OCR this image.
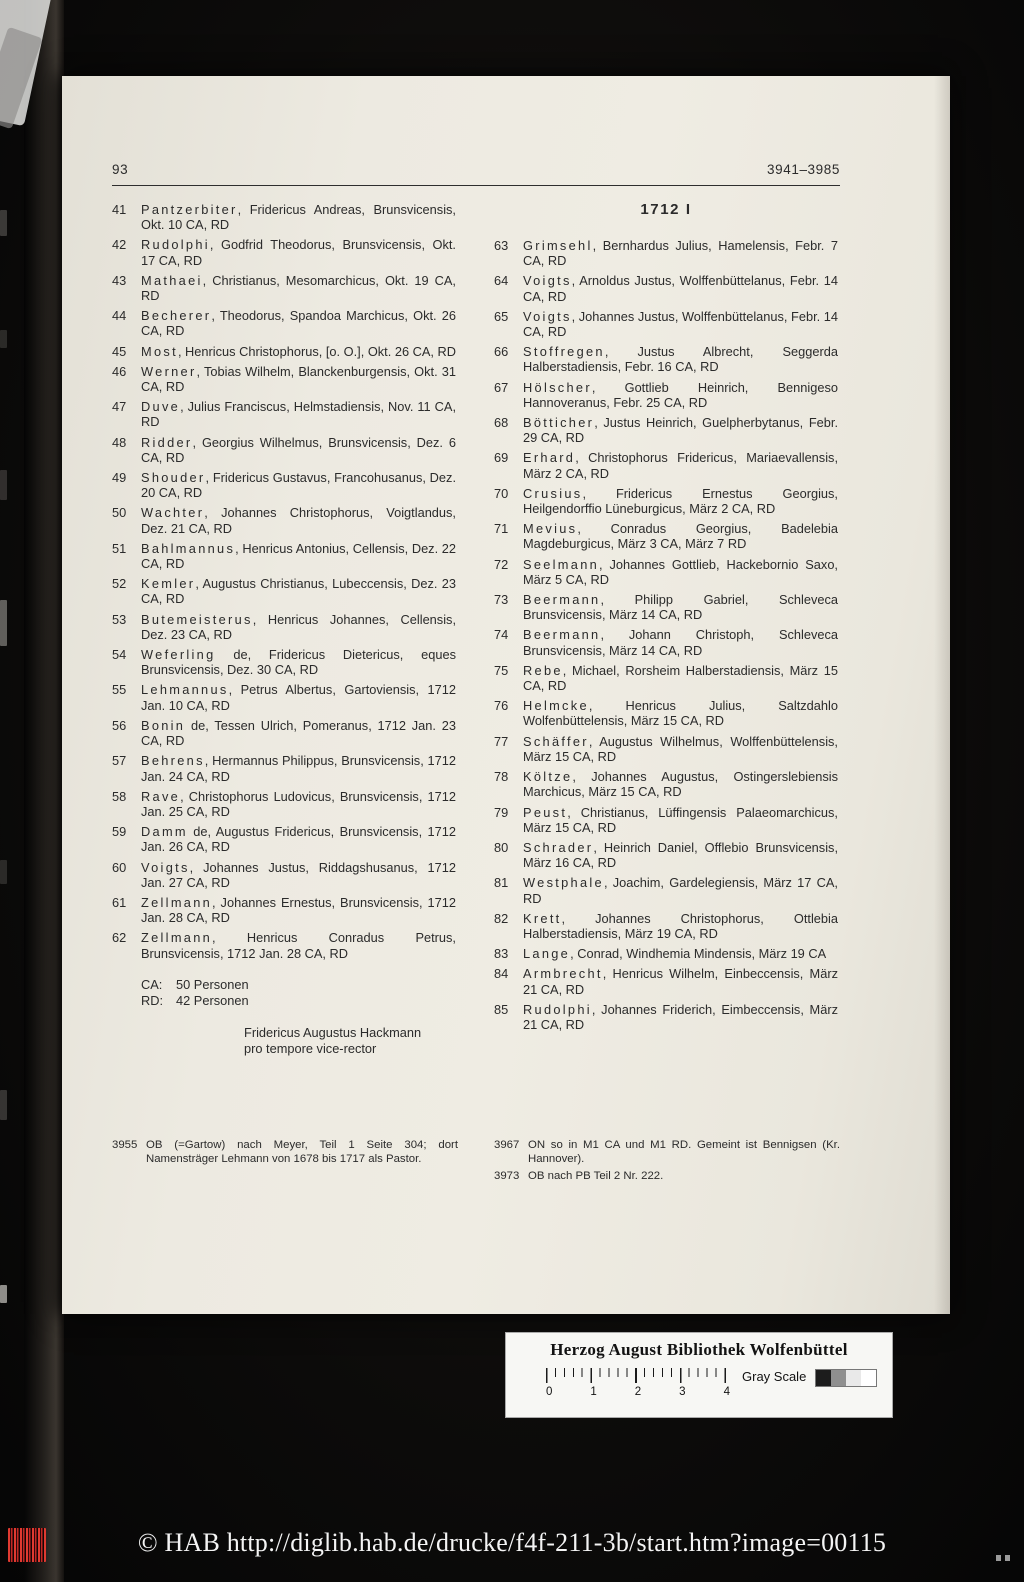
93	3941–3985
41	Pantzerbiter, Fridericus Andreas, Brunsvicensis, Okt. 10 CA, RD
42	Rudolphi, Godfrid Theodorus, Brunsvicensis, Okt. 17 CA, RD
43	Mathaei, Christianus, Mesomarchicus, Okt. 19 CA, RD
44	Becherer, Theodorus, Spandoa Marchicus, Okt. 26 CA, RD
45	Most, Henricus Christophorus, [o. O.], Okt. 26 CA, RD
46	Werner, Tobias Wilhelm, Blanckenburgensis, Okt. 31 CA, RD
47	Duve, Julius Franciscus, Helmstadiensis, Nov. 11 CA, RD
48	Ridder, Georgius Wilhelmus, Brunsvicensis, Dez. 6 CA, RD
49	Shouder, Fridericus Gustavus, Francohusanus, Dez. 20 CA, RD
50	Wachter, Johannes Christophorus, Voigtlandus, Dez. 21 CA, RD
51	Bahlmannus, Henricus Antonius, Cellensis, Dez. 22 CA, RD
52	Kemler, Augustus Christianus, Lubeccensis, Dez. 23 CA, RD
53	Butemeisterus, Henricus Johannes, Cellensis, Dez. 23 CA, RD
54	Weferling de, Fridericus Dietericus, eques Brunsvicensis, Dez. 30 CA, RD
55	Lehmannus, Petrus Albertus, Gartoviensis, 1712 Jan. 10 CA, RD
56	Bonin de, Tessen Ulrich, Pomeranus, 1712 Jan. 23 CA, RD
57	Behrens, Hermannus Philippus, Brunsvicensis, 1712 Jan. 24 CA, RD
58	Rave, Christophorus Ludovicus, Brunsvicensis, 1712 Jan. 25 CA, RD
59	Damm de, Augustus Fridericus, Brunsvicensis, 1712 Jan. 26 CA, RD
60	Voigts, Johannes Justus, Riddagshusanus, 1712 Jan. 27 CA, RD
61	Zellmann, Johannes Ernestus, Brunsvicensis, 1712 Jan. 28 CA, RD
62	Zellmann, Henricus Conradus Petrus, Brunsvicensis, 1712 Jan. 28 CA, RD
CA: 50 Personen
RD: 42 Personen
Fridericus Augustus Hackmann
pro tempore vice-rector
1712 I
63	Grimsehl, Bernhardus Julius, Hamelensis, Febr. 7 CA, RD
64	Voigts, Arnoldus Justus, Wolffenbüttelanus, Febr. 14 CA, RD
65	Voigts, Johannes Justus, Wolffenbüttelanus, Febr. 14 CA, RD
66	Stoffregen, Justus Albrecht, Seggerda Halberstadiensis, Febr. 16 CA, RD
67	Hölscher, Gottlieb Heinrich, Bennigeso Hannoveranus, Febr. 25 CA, RD
68	Bötticher, Justus Heinrich, Guelpherbytanus, Febr. 29 CA, RD
69	Erhard, Christophorus Fridericus, Mariaevallensis, März 2 CA, RD
70	Crusius, Fridericus Ernestus Georgius, Heilgendorffio Lüneburgicus, März 2 CA, RD
71	Mevius, Conradus Georgius, Badelebia Magdeburgicus, März 3 CA, März 7 RD
72	Seelmann, Johannes Gottlieb, Hackebornio Saxo, März 5 CA, RD
73	Beermann, Philipp Gabriel, Schleveca Brunsvicensis, März 14 CA, RD
74	Beermann, Johann Christoph, Schleveca Brunsvicensis, März 14 CA, RD
75	Rebe, Michael, Rorsheim Halberstadiensis, März 15 CA, RD
76	Helmcke, Henricus Julius, Saltzdahlo Wolfenbüttelensis, März 15 CA, RD
77	Schäffer, Augustus Wilhelmus, Wolffenbüttelensis, März 15 CA, RD
78	Költze, Johannes Augustus, Ostingerslebiensis Marchicus, März 15 CA, RD
79	Peust, Christianus, Lüffingensis Palaeomarchicus, März 15 CA, RD
80	Schrader, Heinrich Daniel, Offlebio Brunsvicensis, März 16 CA, RD
81	Westphale, Joachim, Gardelegiensis, März 17 CA, RD
82	Krett, Johannes Christophorus, Ottlebia Halberstadiensis, März 19 CA, RD
83	Lange, Conrad, Windhemia Mindensis, März 19 CA
84	Armbrecht, Henricus Wilhelm, Einbeccensis, März 21 CA, RD
85	Rudolphi, Johannes Friderich, Eimbeccensis, März 21 CA, RD
3955 OB (=Gartow) nach Meyer, Teil 1 Seite 304; dort Namensträger Lehmann von 1678 bis 1717 als Pastor.
3967 ON so in M1 CA und M1 RD. Gemeint ist Bennigsen (Kr. Hannover).
3973 OB nach PB Teil 2 Nr. 222.
Herzog August Bibliothek Wolfenbüttel
0	1	2	3	4
Gray Scale
© HAB http://diglib.hab.de/drucke/f4f-211-3b/start.htm?image=00115
